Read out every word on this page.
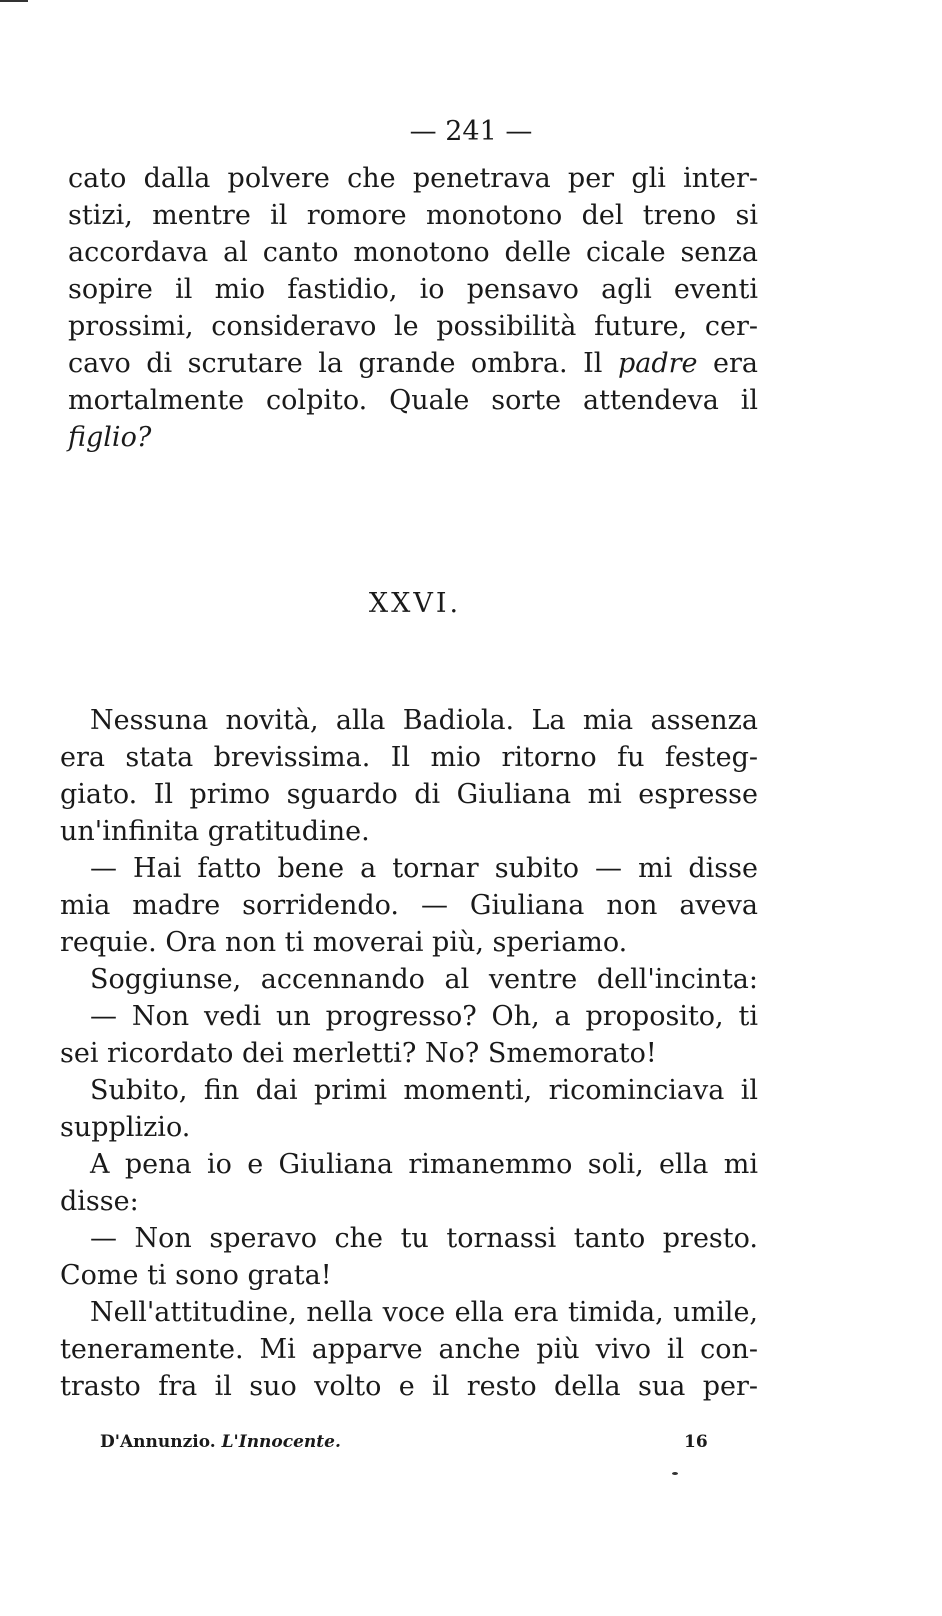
— 241 —
cato dalla polvere che penetrava per gli inter-
stizi, mentre il romore monotono del treno si
accordava al canto monotono delle cicale senza
sopire il mio fastidio, io pensavo agli eventi
prossimi, consideravo le possibilità future, cer-
cavo di scrutare la grande ombra. Il padre era
mortalmente colpito. Quale sorte attendeva il
figlio?
XXVI.
Nessuna novità, alla Badiola. La mia assenza
era stata brevissima. Il mio ritorno fu festeg-
giato. Il primo sguardo di Giuliana mi espresse
un'infinita gratitudine.
— Hai fatto bene a tornar subito — mi disse
mia madre sorridendo. — Giuliana non aveva
requie. Ora non ti moverai più, speriamo.
Soggiunse, accennando al ventre dell'incinta:
— Non vedi un progresso? Oh, a proposito, ti
sei ricordato dei merletti? No? Smemorato!
Subito, fin dai primi momenti, ricominciava il
supplizio.
A pena io e Giuliana rimanemmo soli, ella mi
disse:
— Non speravo che tu tornassi tanto presto.
Come ti sono grata!
Nell'attitudine, nella voce ella era timida, umile,
teneramente. Mi apparve anche più vivo il con-
trasto fra il suo volto e il resto della sua per-
D'Annunzio. L'Innocente.	16
